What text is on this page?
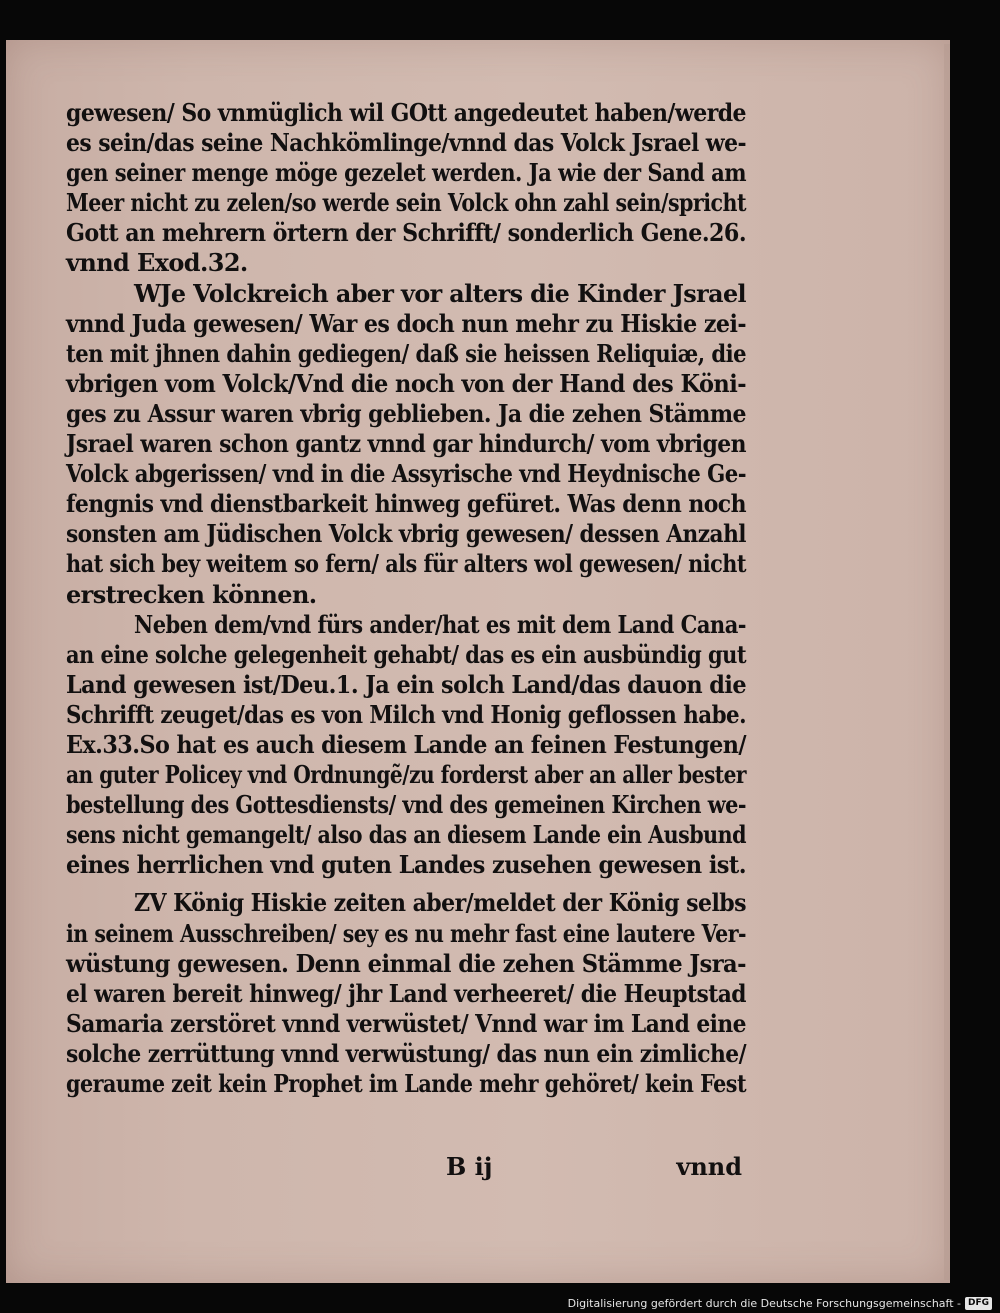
gewesen/ So vnmüglich wil GOtt angedeutet haben/werde
es sein/das seine Nachkömlinge/vnnd das Volck Jsrael we-
gen seiner menge möge gezelet werden. Ja wie der Sand am
Meer nicht zu zelen/so werde sein Volck ohn zahl sein/spricht
Gott an mehrern örtern der Schrifft/ sonderlich Gene.26.
vnnd Exod.32.
WJe Volckreich aber vor alters die Kinder Jsrael
vnnd Juda gewesen/ War es doch nun mehr zu Hiskie zei-
ten mit jhnen dahin gediegen/ daß sie heissen Reliquiæ, die
vbrigen vom Volck/Vnd die noch von der Hand des Köni-
ges zu Assur waren vbrig geblieben. Ja die zehen Stämme
Jsrael waren schon gantz vnnd gar hindurch/ vom vbrigen
Volck abgerissen/ vnd in die Assyrische vnd Heydnische Ge-
fengnis vnd dienstbarkeit hinweg gefüret. Was denn noch
sonsten am Jüdischen Volck vbrig gewesen/ dessen Anzahl
hat sich bey weitem so fern/ als für alters wol gewesen/ nicht
erstrecken können.
Neben dem/vnd fürs ander/hat es mit dem Land Cana-
an eine solche gelegenheit gehabt/ das es ein ausbündig gut
Land gewesen ist/Deu.1. Ja ein solch Land/das dauon die
Schrifft zeuget/das es von Milch vnd Honig geflossen habe.
Ex.33.So hat es auch diesem Lande an feinen Festungen/
an guter Policey vnd Ordnungẽ/zu forderst aber an aller bester
bestellung des Gottesdiensts/ vnd des gemeinen Kirchen we-
sens nicht gemangelt/ also das an diesem Lande ein Ausbund
eines herrlichen vnd guten Landes zusehen gewesen ist.
ZV König Hiskie zeiten aber/meldet der König selbs
in seinem Ausschreiben/ sey es nu mehr fast eine lautere Ver-
wüstung gewesen. Denn einmal die zehen Stämme Jsra-
el waren bereit hinweg/ jhr Land verheeret/ die Heuptstad
Samaria zerstöret vnnd verwüstet/ Vnnd war im Land eine
solche zerrüttung vnnd verwüstung/ das nun ein zimliche/
geraume zeit kein Prophet im Lande mehr gehöret/ kein Fest
B ij	vnnd
Digitalisierung gefördert durch die Deutsche Forschungsgemeinschaft - DFG
